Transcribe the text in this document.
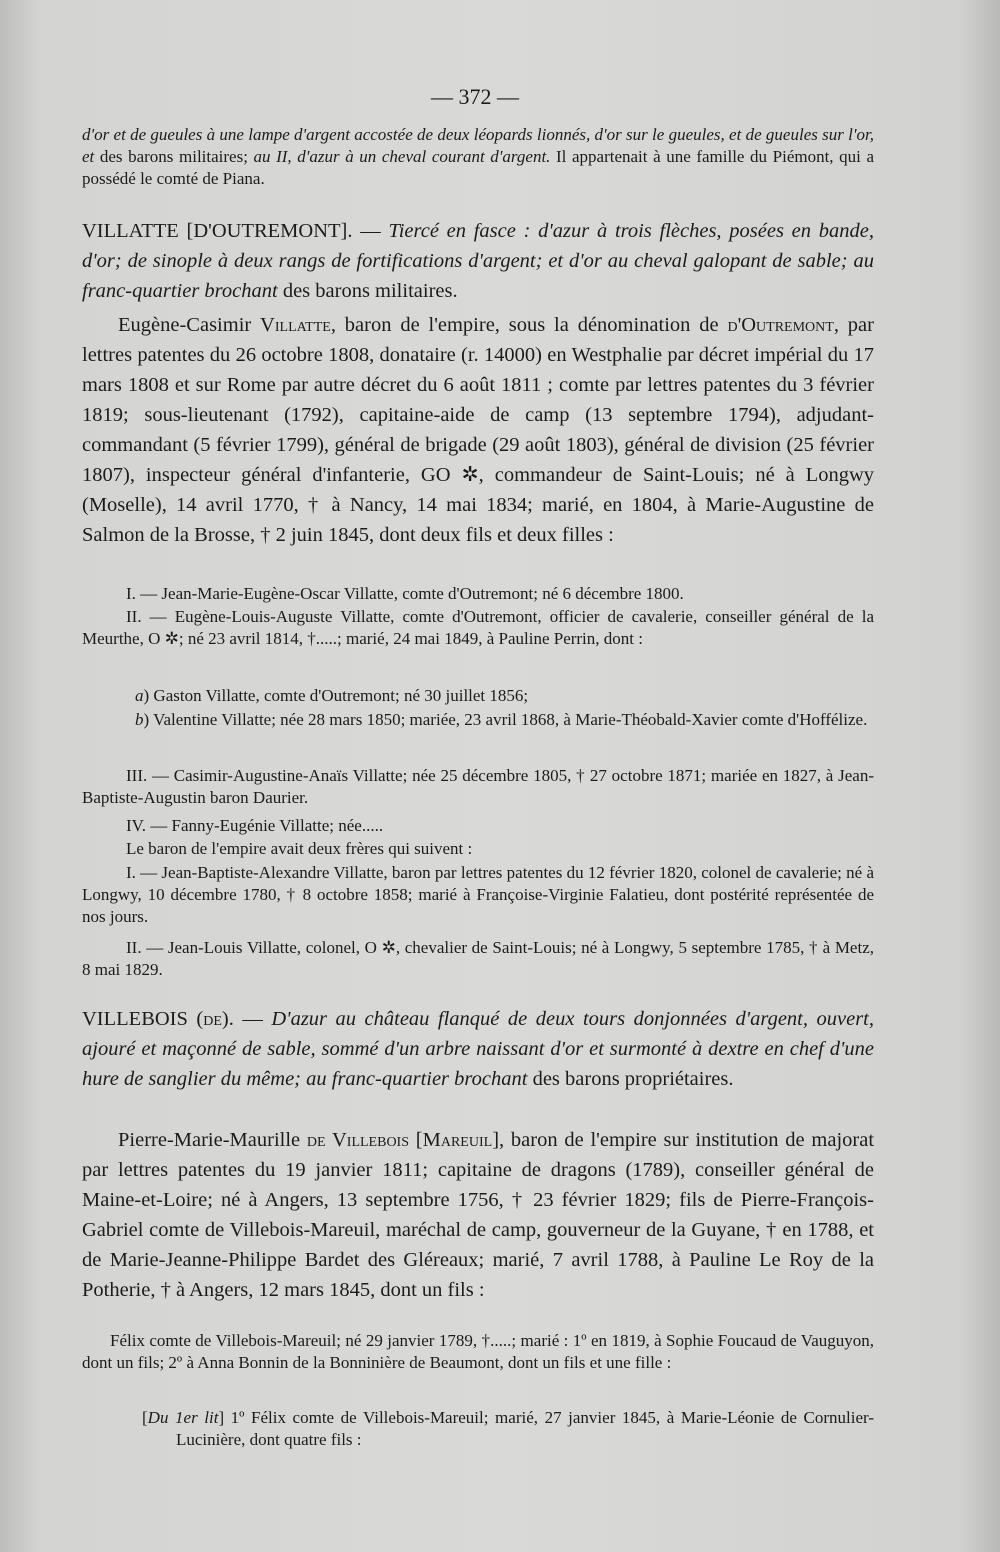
— 372 —
d'or et de gueules à une lampe d'argent accostée de deux léopards lionnés, d'or sur le gueules, et de gueules sur l'or, et des barons militaires; au II, d'azur à un cheval courant d'argent. Il appartenait à une famille du Piémont, qui a possédé le comté de Piana.
VILLATTE [D'OUTREMONT]. — Tiercé en fasce : d'azur à trois flèches, posées en bande, d'or; de sinople à deux rangs de fortifications d'argent; et d'or au cheval galopant de sable; au franc-quartier brochant des barons militaires.
Eugène-Casimir Villatte, baron de l'empire, sous la dénomination de d'Outremont, par lettres patentes du 26 octobre 1808, donataire (r. 14000) en Westphalie par décret impérial du 17 mars 1808 et sur Rome par autre décret du 6 août 1811 ; comte par lettres patentes du 3 février 1819; sous-lieutenant (1792), capitaine-aide de camp (13 septembre 1794), adjudant-commandant (5 février 1799), général de brigade (29 août 1803), général de division (25 février 1807), inspecteur général d'infanterie, GO ✲, commandeur de Saint-Louis; né à Longwy (Moselle), 14 avril 1770, † à Nancy, 14 mai 1834; marié, en 1804, à Marie-Augustine de Salmon de la Brosse, † 2 juin 1845, dont deux fils et deux filles :
I. — Jean-Marie-Eugène-Oscar Villatte, comte d'Outremont; né 6 décembre 1800.
II. — Eugène-Louis-Auguste Villatte, comte d'Outremont, officier de cavalerie, conseiller général de la Meurthe, O ✲; né 23 avril 1814, †.....; marié, 24 mai 1849, à Pauline Perrin, dont :
a) Gaston Villatte, comte d'Outremont; né 30 juillet 1856;
b) Valentine Villatte; née 28 mars 1850; mariée, 23 avril 1868, à Marie-Théobald-Xavier comte d'Hoffélize.
III. — Casimir-Augustine-Anaïs Villatte; née 25 décembre 1805, † 27 octobre 1871; mariée en 1827, à Jean-Baptiste-Augustin baron Daurier.
IV. — Fanny-Eugénie Villatte; née.....
Le baron de l'empire avait deux frères qui suivent :
I. — Jean-Baptiste-Alexandre Villatte, baron par lettres patentes du 12 février 1820, colonel de cavalerie; né à Longwy, 10 décembre 1780, † 8 octobre 1858; marié à Françoise-Virginie Falatieu, dont postérité représentée de nos jours.
II. — Jean-Louis Villatte, colonel, O ✲, chevalier de Saint-Louis; né à Longwy, 5 septembre 1785, † à Metz, 8 mai 1829.
VILLEBOIS (de). — D'azur au château flanqué de deux tours donjonnées d'argent, ouvert, ajouré et maçonné de sable, sommé d'un arbre naissant d'or et surmonté à dextre en chef d'une hure de sanglier du même; au franc-quartier brochant des barons propriétaires.
Pierre-Marie-Maurille de Villebois [Mareuil], baron de l'empire sur institution de majorat par lettres patentes du 19 janvier 1811; capitaine de dragons (1789), conseiller général de Maine-et-Loire; né à Angers, 13 septembre 1756, † 23 février 1829; fils de Pierre-François-Gabriel comte de Villebois-Mareuil, maréchal de camp, gouverneur de la Guyane, † en 1788, et de Marie-Jeanne-Philippe Bardet des Gléreaux; marié, 7 avril 1788, à Pauline Le Roy de la Potherie, † à Angers, 12 mars 1845, dont un fils :
Félix comte de Villebois-Mareuil; né 29 janvier 1789, †.....; marié : 1º en 1819, à Sophie Foucaud de Vauguyon, dont un fils; 2º à Anna Bonnin de la Bonninière de Beaumont, dont un fils et une fille :
[Du 1er lit] 1º Félix comte de Villebois-Mareuil; marié, 27 janvier 1845, à Marie-Léonie de Cornulier-Lucinière, dont quatre fils :
